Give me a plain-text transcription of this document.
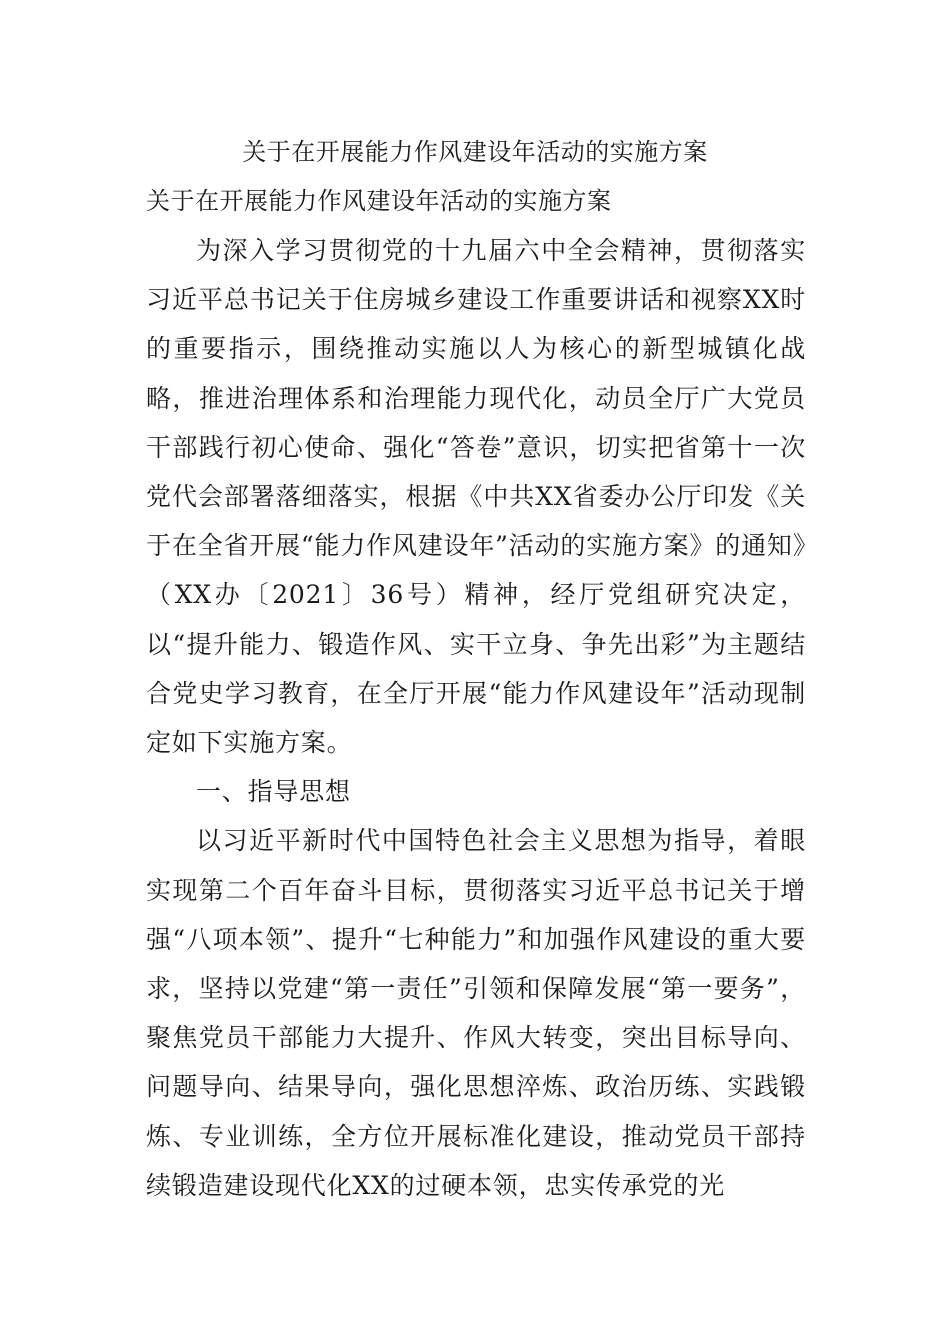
关于在开展能力作风建设年活动的实施方案
关于在开展能力作风建设年活动的实施方案

为深入学习贯彻党的十九届六中全会精神，贯彻落实习近平总书记关于住房城乡建设工作重要讲话和视察XX时的重要指示，围绕推动实施以人为核心的新型城镇化战略，推进治理体系和治理能力现代化，动员全厅广大党员干部践行初心使命、强化“答卷”意识，切实把省第十一次党代会部署落细落实，根据《中共XX省委办公厅印发《关于在全省开展“能力作风建设年”活动的实施方案》的通知》（XX办〔2021〕36号）精神，经厅党组研究决定，以“提升能力、锻造作风、实干立身、争先出彩”为主题结合党史学习教育，在全厅开展“能力作风建设年”活动现制定如下实施方案。

一、指导思想

以习近平新时代中国特色社会主义思想为指导，着眼实现第二个百年奋斗目标，贯彻落实习近平总书记关于增强“八项本领”、提升“七种能力”和加强作风建设的重大要求，坚持以党建“第一责任”引领和保障发展“第一要务”，聚焦党员干部能力大提升、作风大转变，突出目标导向、问题导向、结果导向，强化思想淬炼、政治历练、实践锻炼、专业训练，全方位开展标准化建设，推动党员干部持续锻造建设现代化XX的过硬本领，忠实传承党的光
